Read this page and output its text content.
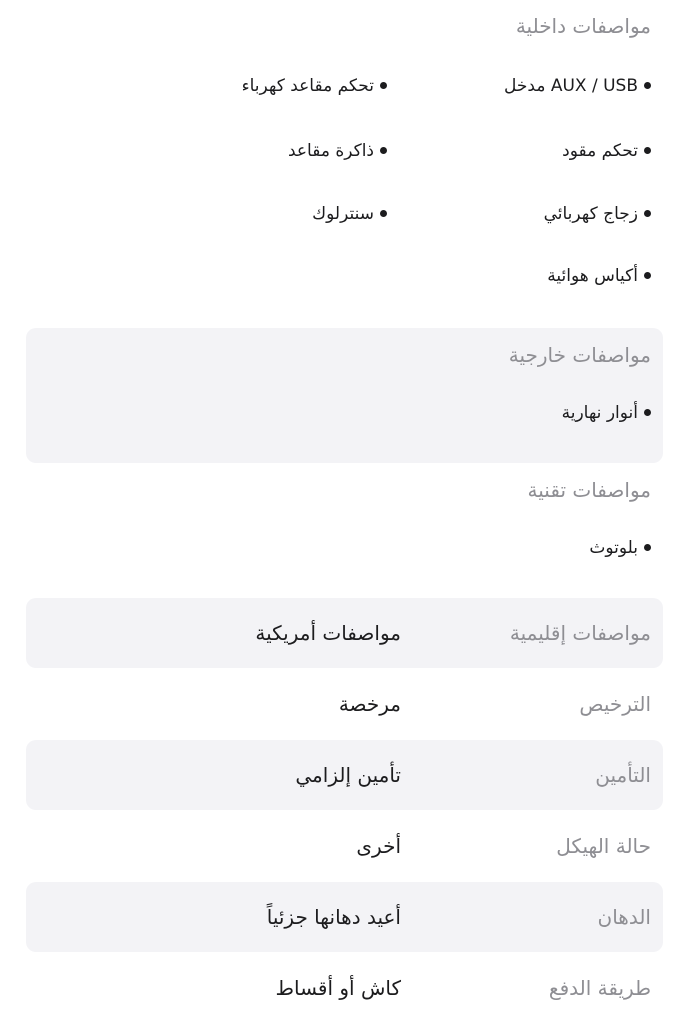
مواصفات داخلية
AUX / USB مدخل
تحكم مقاعد كهرباء
تحكم مقود
ذاكرة مقاعد
زجاج كهربائي
سنترلوك
أكياس هوائية
مواصفات خارجية
أنوار نهارية
مواصفات تقنية
بلوتوث
مواصفات إقليمية
مواصفات أمريكية
الترخيص
مرخصة
التأمين
تأمين إلزامي
حالة الهيكل
أخرى
الدهان
أعيد دهانها جزئياً
طريقة الدفع
كاش أو أقساط
